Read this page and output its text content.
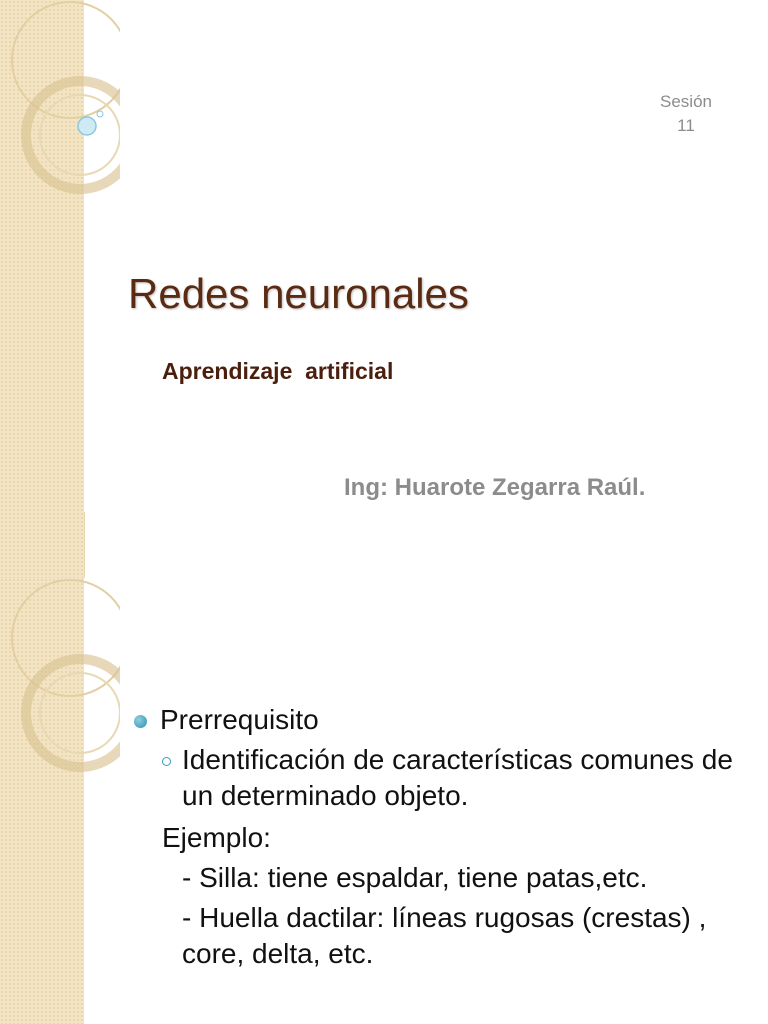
Sesión
11
Redes neuronales

Aprendizaje  artificial

Ing: Huarote Zegarra Raúl.

Prerrequisito
Identificación de características comunes de un determinado objeto.
Ejemplo:
- Silla: tiene espaldar, tiene patas,etc.
- Huella dactilar: líneas rugosas (crestas) , core, delta, etc.
